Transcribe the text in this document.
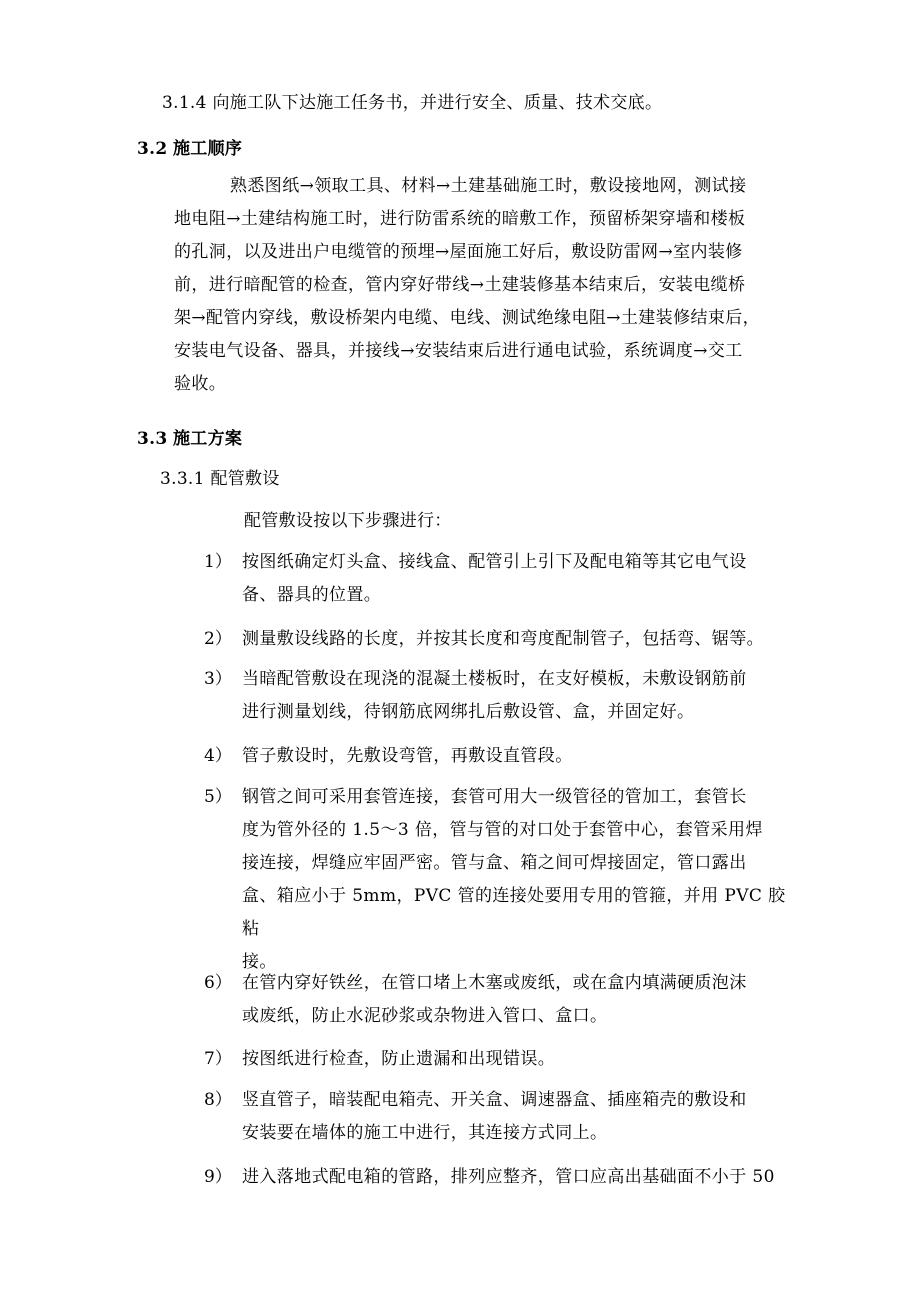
3.1.4 向施工队下达施工任务书，并进行安全、质量、技术交底。
3.2 施工顺序
熟悉图纸→领取工具、材料→土建基础施工时，敷设接地网，测试接
地电阻→土建结构施工时，进行防雷系统的暗敷工作，预留桥架穿墙和楼板
的孔洞，以及进出户电缆管的预埋→屋面施工好后，敷设防雷网→室内装修
前，进行暗配管的检查，管内穿好带线→土建装修基本结束后，安装电缆桥
架→配管内穿线，敷设桥架内电缆、电线、测试绝缘电阻→土建装修结束后，
安装电气设备、器具，并接线→安装结束后进行通电试验，系统调度→交工
验收。
3.3 施工方案
3.3.1 配管敷设
配管敷设按以下步骤进行：
1） 按图纸确定灯头盒、接线盒、配管引上引下及配电箱等其它电气设
备、器具的位置。
2） 测量敷设线路的长度，并按其长度和弯度配制管子，包括弯、锯等。
3） 当暗配管敷设在现浇的混凝土楼板时，在支好模板，未敷设钢筋前
进行测量划线，待钢筋底网绑扎后敷设管、盒，并固定好。
4） 管子敷设时，先敷设弯管，再敷设直管段。
5） 钢管之间可采用套管连接，套管可用大一级管径的管加工，套管长
度为管外径的 1.5～3 倍，管与管的对口处于套管中心，套管采用焊
接连接，焊缝应牢固严密。管与盒、箱之间可焊接固定，管口露出
盒、箱应小于 5mm，PVC 管的连接处要用专用的管箍，并用 PVC 胶粘
接。
6） 在管内穿好铁丝，在管口堵上木塞或废纸，或在盒内填满硬质泡沫
或废纸，防止水泥砂浆或杂物进入管口、盒口。
7） 按图纸进行检查，防止遗漏和出现错误。
8） 竖直管子，暗装配电箱壳、开关盒、调速器盒、插座箱壳的敷设和
安装要在墙体的施工中进行，其连接方式同上。
9） 进入落地式配电箱的管路，排列应整齐，管口应高出基础面不小于 50
